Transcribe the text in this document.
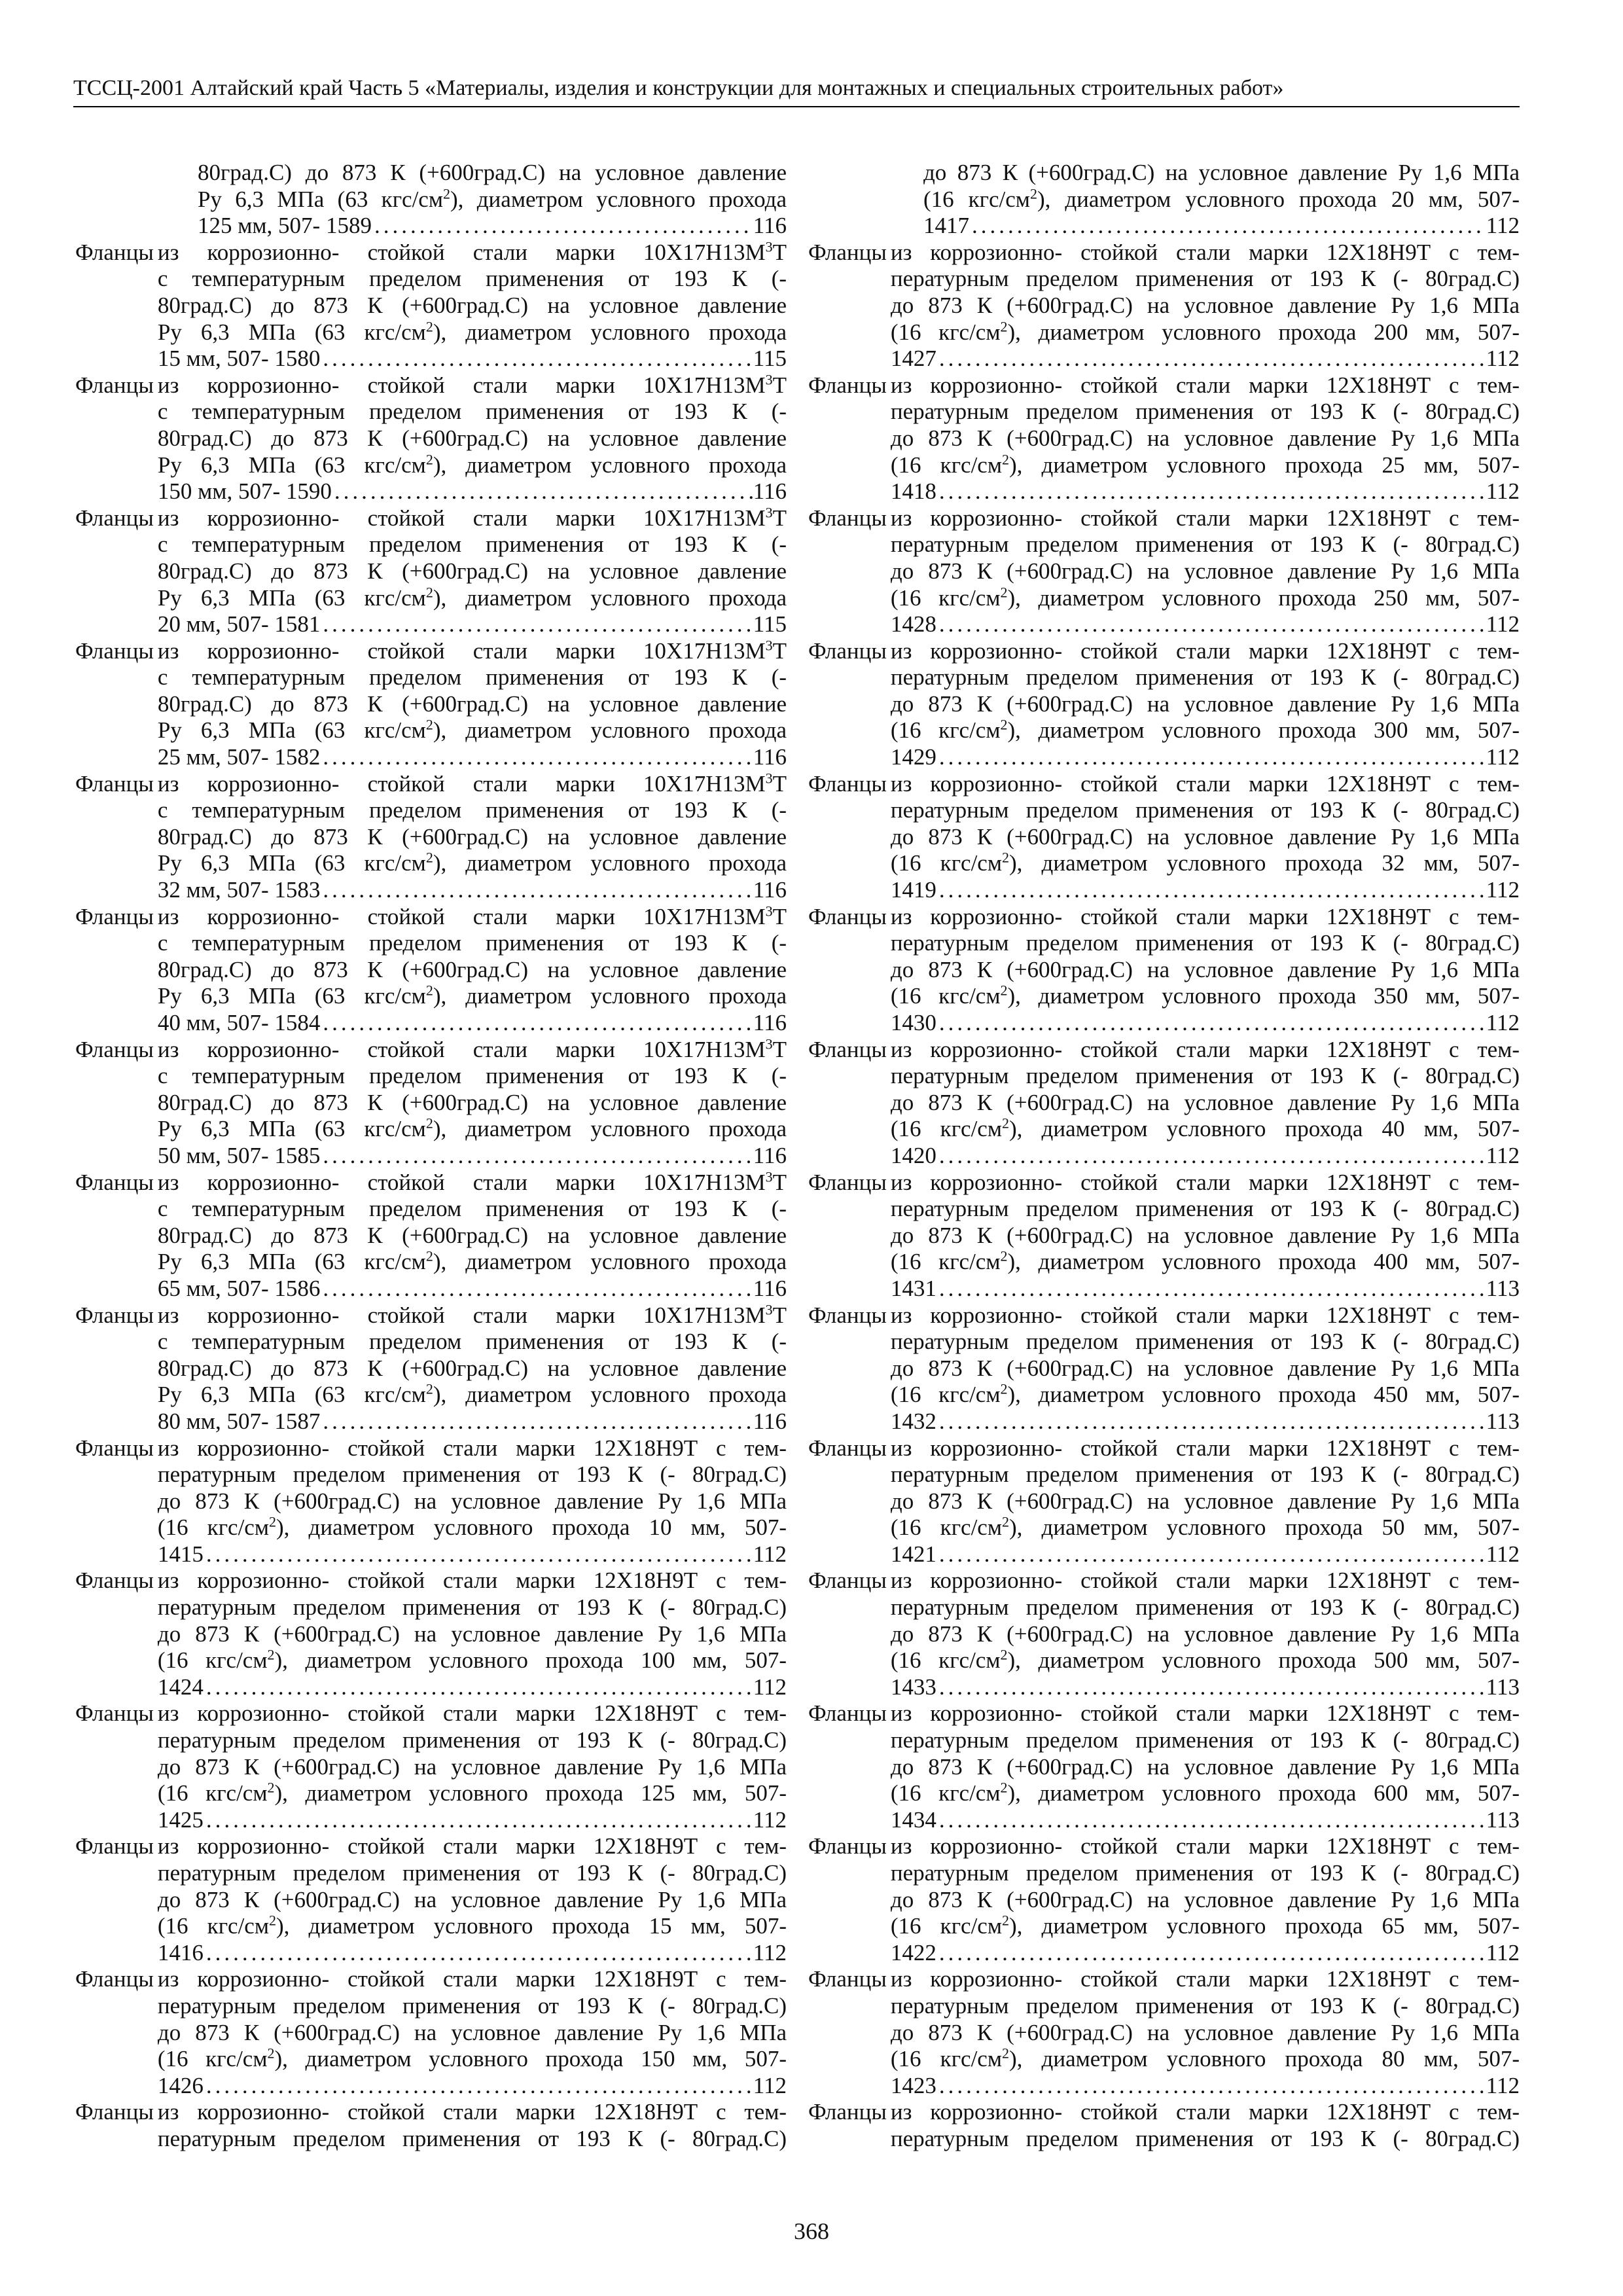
ТССЦ-2001 Алтайский край Часть 5 «Материалы, изделия и конструкции для монтажных и специальных строительных работ»
80град.С) до 873 К (+600град.С) на условное давление
Ру 6,3 МПа (63 кгс/$см^2$), диаметром условного прохода
125 мм, 507- 1589 .....	116
Фланцы из коррозионно- стойкой стали марки $10Х17Н13М^3Т$
с температурным пределом применения от 193 К (-
80град.С) до 873 К (+600град.С) на условное давление
Ру 6,3 МПа (63 кгс/$см^2$), диаметром условного прохода
15 мм, 507- 1580 .....	115
Фланцы из коррозионно- стойкой стали марки $10Х17Н13М^3Т$
с температурным пределом применения от 193 К (-
80град.С) до 873 К (+600град.С) на условное давление
Ру 6,3 МПа (63 кгс/$см^2$), диаметром условного прохода
150 мм, 507- 1590 .....	116
Фланцы из коррозионно- стойкой стали марки $10Х17Н13М^3Т$
с температурным пределом применения от 193 К (-
80град.С) до 873 К (+600град.С) на условное давление
Ру 6,3 МПа (63 кгс/$см^2$), диаметром условного прохода
20 мм, 507- 1581 .....	115
Фланцы из коррозионно- стойкой стали марки $10Х17Н13М^3Т$
с температурным пределом применения от 193 К (-
80град.С) до 873 К (+600град.С) на условное давление
Ру 6,3 МПа (63 кгс/$см^2$), диаметром условного прохода
25 мм, 507- 1582 .....	116
Фланцы из коррозионно- стойкой стали марки $10Х17Н13М^3Т$
с температурным пределом применения от 193 К (-
80град.С) до 873 К (+600град.С) на условное давление
Ру 6,3 МПа (63 кгс/$см^2$), диаметром условного прохода
32 мм, 507- 1583 .....	116
Фланцы из коррозионно- стойкой стали марки $10Х17Н13М^3Т$
с температурным пределом применения от 193 К (-
80град.С) до 873 К (+600град.С) на условное давление
Ру 6,3 МПа (63 кгс/$см^2$), диаметром условного прохода
40 мм, 507- 1584 .....	116
Фланцы из коррозионно- стойкой стали марки $10Х17Н13М^3Т$
с температурным пределом применения от 193 К (-
80град.С) до 873 К (+600град.С) на условное давление
Ру 6,3 МПа (63 кгс/$см^2$), диаметром условного прохода
50 мм, 507- 1585 .....	116
Фланцы из коррозионно- стойкой стали марки $10Х17Н13М^3Т$
с температурным пределом применения от 193 К (-
80град.С) до 873 К (+600град.С) на условное давление
Ру 6,3 МПа (63 кгс/$см^2$), диаметром условного прохода
65 мм, 507- 1586 .....	116
Фланцы из коррозионно- стойкой стали марки $10Х17Н13М^3Т$
с температурным пределом применения от 193 К (-
80град.С) до 873 К (+600град.С) на условное давление
Ру 6,3 МПа (63 кгс/$см^2$), диаметром условного прохода
80 мм, 507- 1587 .....	116
Фланцы из коррозионно- стойкой стали марки 12Х18Н9Т с тем-
пературным пределом применения от 193 К (- 80град.С)
до 873 К (+600град.С) на условное давление Ру 1,6 МПа
(16 кгс/$см^2$), диаметром условного прохода 10 мм, 507-
1415 .....	112
Фланцы из коррозионно- стойкой стали марки 12Х18Н9Т с тем-
пературным пределом применения от 193 К (- 80град.С)
до 873 К (+600град.С) на условное давление Ру 1,6 МПа
(16 кгс/$см^2$), диаметром условного прохода 100 мм, 507-
1424 .....	112
Фланцы из коррозионно- стойкой стали марки 12Х18Н9Т с тем-
пературным пределом применения от 193 К (- 80град.С)
до 873 К (+600град.С) на условное давление Ру 1,6 МПа
(16 кгс/$см^2$), диаметром условного прохода 125 мм, 507-
1425 .....	112
Фланцы из коррозионно- стойкой стали марки 12Х18Н9Т с тем-
пературным пределом применения от 193 К (- 80град.С)
до 873 К (+600град.С) на условное давление Ру 1,6 МПа
(16 кгс/$см^2$), диаметром условного прохода 15 мм, 507-
1416 .....	112
Фланцы из коррозионно- стойкой стали марки 12Х18Н9Т с тем-
пературным пределом применения от 193 К (- 80град.С)
до 873 К (+600град.С) на условное давление Ру 1,6 МПа
(16 кгс/$см^2$), диаметром условного прохода 150 мм, 507-
1426 .....	112
Фланцы из коррозионно- стойкой стали марки 12Х18Н9Т с тем-
пературным пределом применения от 193 К (- 80град.С)
до 873 К (+600град.С) на условное давление Ру 1,6 МПа
(16 кгс/$см^2$), диаметром условного прохода 20 мм, 507-
1417 .....	112
Фланцы из коррозионно- стойкой стали марки 12Х18Н9Т с тем-
пературным пределом применения от 193 К (- 80град.С)
до 873 К (+600град.С) на условное давление Ру 1,6 МПа
(16 кгс/$см^2$), диаметром условного прохода 200 мм, 507-
1427 .....	112
Фланцы из коррозионно- стойкой стали марки 12Х18Н9Т с тем-
пературным пределом применения от 193 К (- 80град.С)
до 873 К (+600град.С) на условное давление Ру 1,6 МПа
(16 кгс/$см^2$), диаметром условного прохода 25 мм, 507-
1418 .....	112
Фланцы из коррозионно- стойкой стали марки 12Х18Н9Т с тем-
пературным пределом применения от 193 К (- 80град.С)
до 873 К (+600град.С) на условное давление Ру 1,6 МПа
(16 кгс/$см^2$), диаметром условного прохода 250 мм, 507-
1428 .....	112
Фланцы из коррозионно- стойкой стали марки 12Х18Н9Т с тем-
пературным пределом применения от 193 К (- 80град.С)
до 873 К (+600град.С) на условное давление Ру 1,6 МПа
(16 кгс/$см^2$), диаметром условного прохода 300 мм, 507-
1429 .....	112
Фланцы из коррозионно- стойкой стали марки 12Х18Н9Т с тем-
пературным пределом применения от 193 К (- 80град.С)
до 873 К (+600град.С) на условное давление Ру 1,6 МПа
(16 кгс/$см^2$), диаметром условного прохода 32 мм, 507-
1419 .....	112
Фланцы из коррозионно- стойкой стали марки 12Х18Н9Т с тем-
пературным пределом применения от 193 К (- 80град.С)
до 873 К (+600град.С) на условное давление Ру 1,6 МПа
(16 кгс/$см^2$), диаметром условного прохода 350 мм, 507-
1430 .....	112
Фланцы из коррозионно- стойкой стали марки 12Х18Н9Т с тем-
пературным пределом применения от 193 К (- 80град.С)
до 873 К (+600град.С) на условное давление Ру 1,6 МПа
(16 кгс/$см^2$), диаметром условного прохода 40 мм, 507-
1420 .....	112
Фланцы из коррозионно- стойкой стали марки 12Х18Н9Т с тем-
пературным пределом применения от 193 К (- 80град.С)
до 873 К (+600град.С) на условное давление Ру 1,6 МПа
(16 кгс/$см^2$), диаметром условного прохода 400 мм, 507-
1431 .....	113
Фланцы из коррозионно- стойкой стали марки 12Х18Н9Т с тем-
пературным пределом применения от 193 К (- 80град.С)
до 873 К (+600град.С) на условное давление Ру 1,6 МПа
(16 кгс/$см^2$), диаметром условного прохода 450 мм, 507-
1432 .....	113
Фланцы из коррозионно- стойкой стали марки 12Х18Н9Т с тем-
пературным пределом применения от 193 К (- 80град.С)
до 873 К (+600град.С) на условное давление Ру 1,6 МПа
(16 кгс/$см^2$), диаметром условного прохода 50 мм, 507-
1421 .....	112
Фланцы из коррозионно- стойкой стали марки 12Х18Н9Т с тем-
пературным пределом применения от 193 К (- 80град.С)
до 873 К (+600град.С) на условное давление Ру 1,6 МПа
(16 кгс/$см^2$), диаметром условного прохода 500 мм, 507-
1433 .....	113
Фланцы из коррозионно- стойкой стали марки 12Х18Н9Т с тем-
пературным пределом применения от 193 К (- 80град.С)
до 873 К (+600град.С) на условное давление Ру 1,6 МПа
(16 кгс/$см^2$), диаметром условного прохода 600 мм, 507-
1434 .....	113
Фланцы из коррозионно- стойкой стали марки 12Х18Н9Т с тем-
пературным пределом применения от 193 К (- 80град.С)
до 873 К (+600град.С) на условное давление Ру 1,6 МПа
(16 кгс/$см^2$), диаметром условного прохода 65 мм, 507-
1422 .....	112
Фланцы из коррозионно- стойкой стали марки 12Х18Н9Т с тем-
пературным пределом применения от 193 К (- 80град.С)
до 873 К (+600град.С) на условное давление Ру 1,6 МПа
(16 кгс/$см^2$), диаметром условного прохода 80 мм, 507-
1423 .....	112
Фланцы из коррозионно- стойкой стали марки 12Х18Н9Т с тем-
пературным пределом применения от 193 К (- 80град.С)
368
